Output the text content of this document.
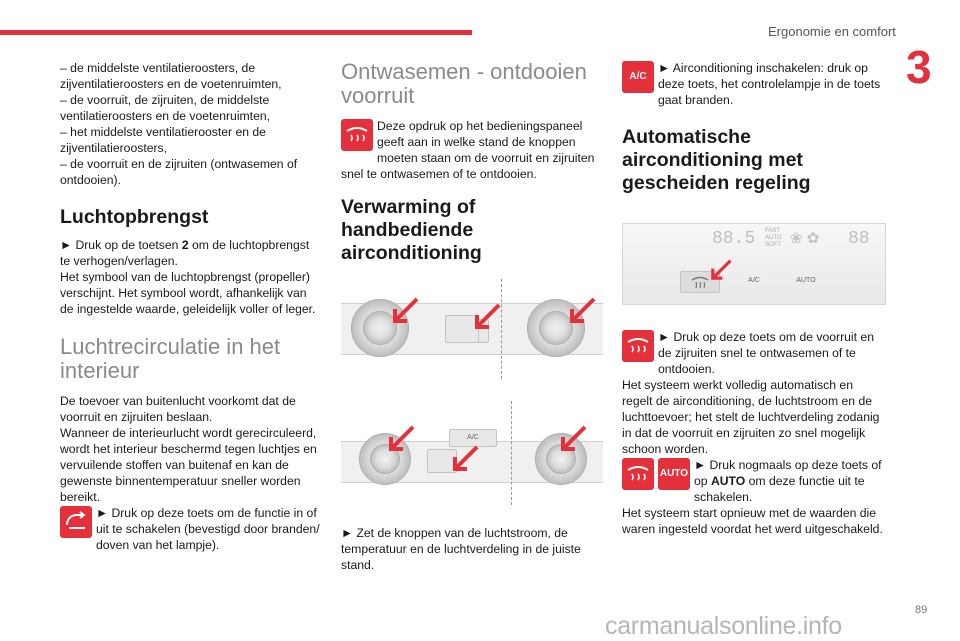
Ergonomie en comfort
3

– de middelste ventilatieroosters, de zijventilatieroosters en de voetenruimten,

– de voorruit, de zijruiten, de middelste ventilatieroosters en de voetenruimten,

– het middelste ventilatierooster en de zijventilatieroosters,

– de voorruit en de zijruiten (ontwasemen of ontdooien).

Luchtopbrengst

► Druk op de toetsen 2 om de luchtopbrengst te verhogen/verlagen.

Het symbool van de luchtopbrengst (propeller) verschijnt. Het symbool wordt, afhankelijk van de ingestelde waarde, geleidelijk voller of leger.

Luchtrecirculatie in het interieur

De toevoer van buitenlucht voorkomt dat de voorruit en zijruiten beslaan.

Wanneer de interieurlucht wordt gerecirculeerd, wordt het interieur beschermd tegen luchtjes en vervuilende stoffen van buitenaf en kan de gewenste binnentemperatuur sneller worden bereikt.

► Druk op deze toets om de functie in of uit te schakelen (bevestigd door branden/ doven van het lampje).

Ontwasemen - ontdooien voorruit

Deze opdruk op het bedieningspaneel geeft aan in welke stand de knoppen moeten staan om de voorruit en zijruiten snel te ontwasemen of te ontdooien.

Verwarming of handbediende airconditioning
A/C

► Zet de knoppen van de luchtstroom, de temperatuur en de luchtverdeling in de juiste stand.

A/C

► Airconditioning inschakelen: druk op deze toets, het controlelampje in de toets gaat branden.

Automatische airconditioning met gescheiden regeling
88.5 FAST
AUTO
SOFT ❀ ✿ 88
A/C	AUTO

► Druk op deze toets om de voorruit en de zijruiten snel te ontwasemen of te ontdooien.

Het systeem werkt volledig automatisch en regelt de airconditioning, de luchtstroom en de luchttoevoer; het stelt de luchtverdeling zodanig in dat de voorruit en zijruiten zo snel mogelijk schoon worden.

AUTO

► Druk nogmaals op deze toets of op AUTO om deze functie uit te schakelen.

Het systeem start opnieuw met de waarden die waren ingesteld voordat het werd uitgeschakeld.

89
carmanualsonline.info
